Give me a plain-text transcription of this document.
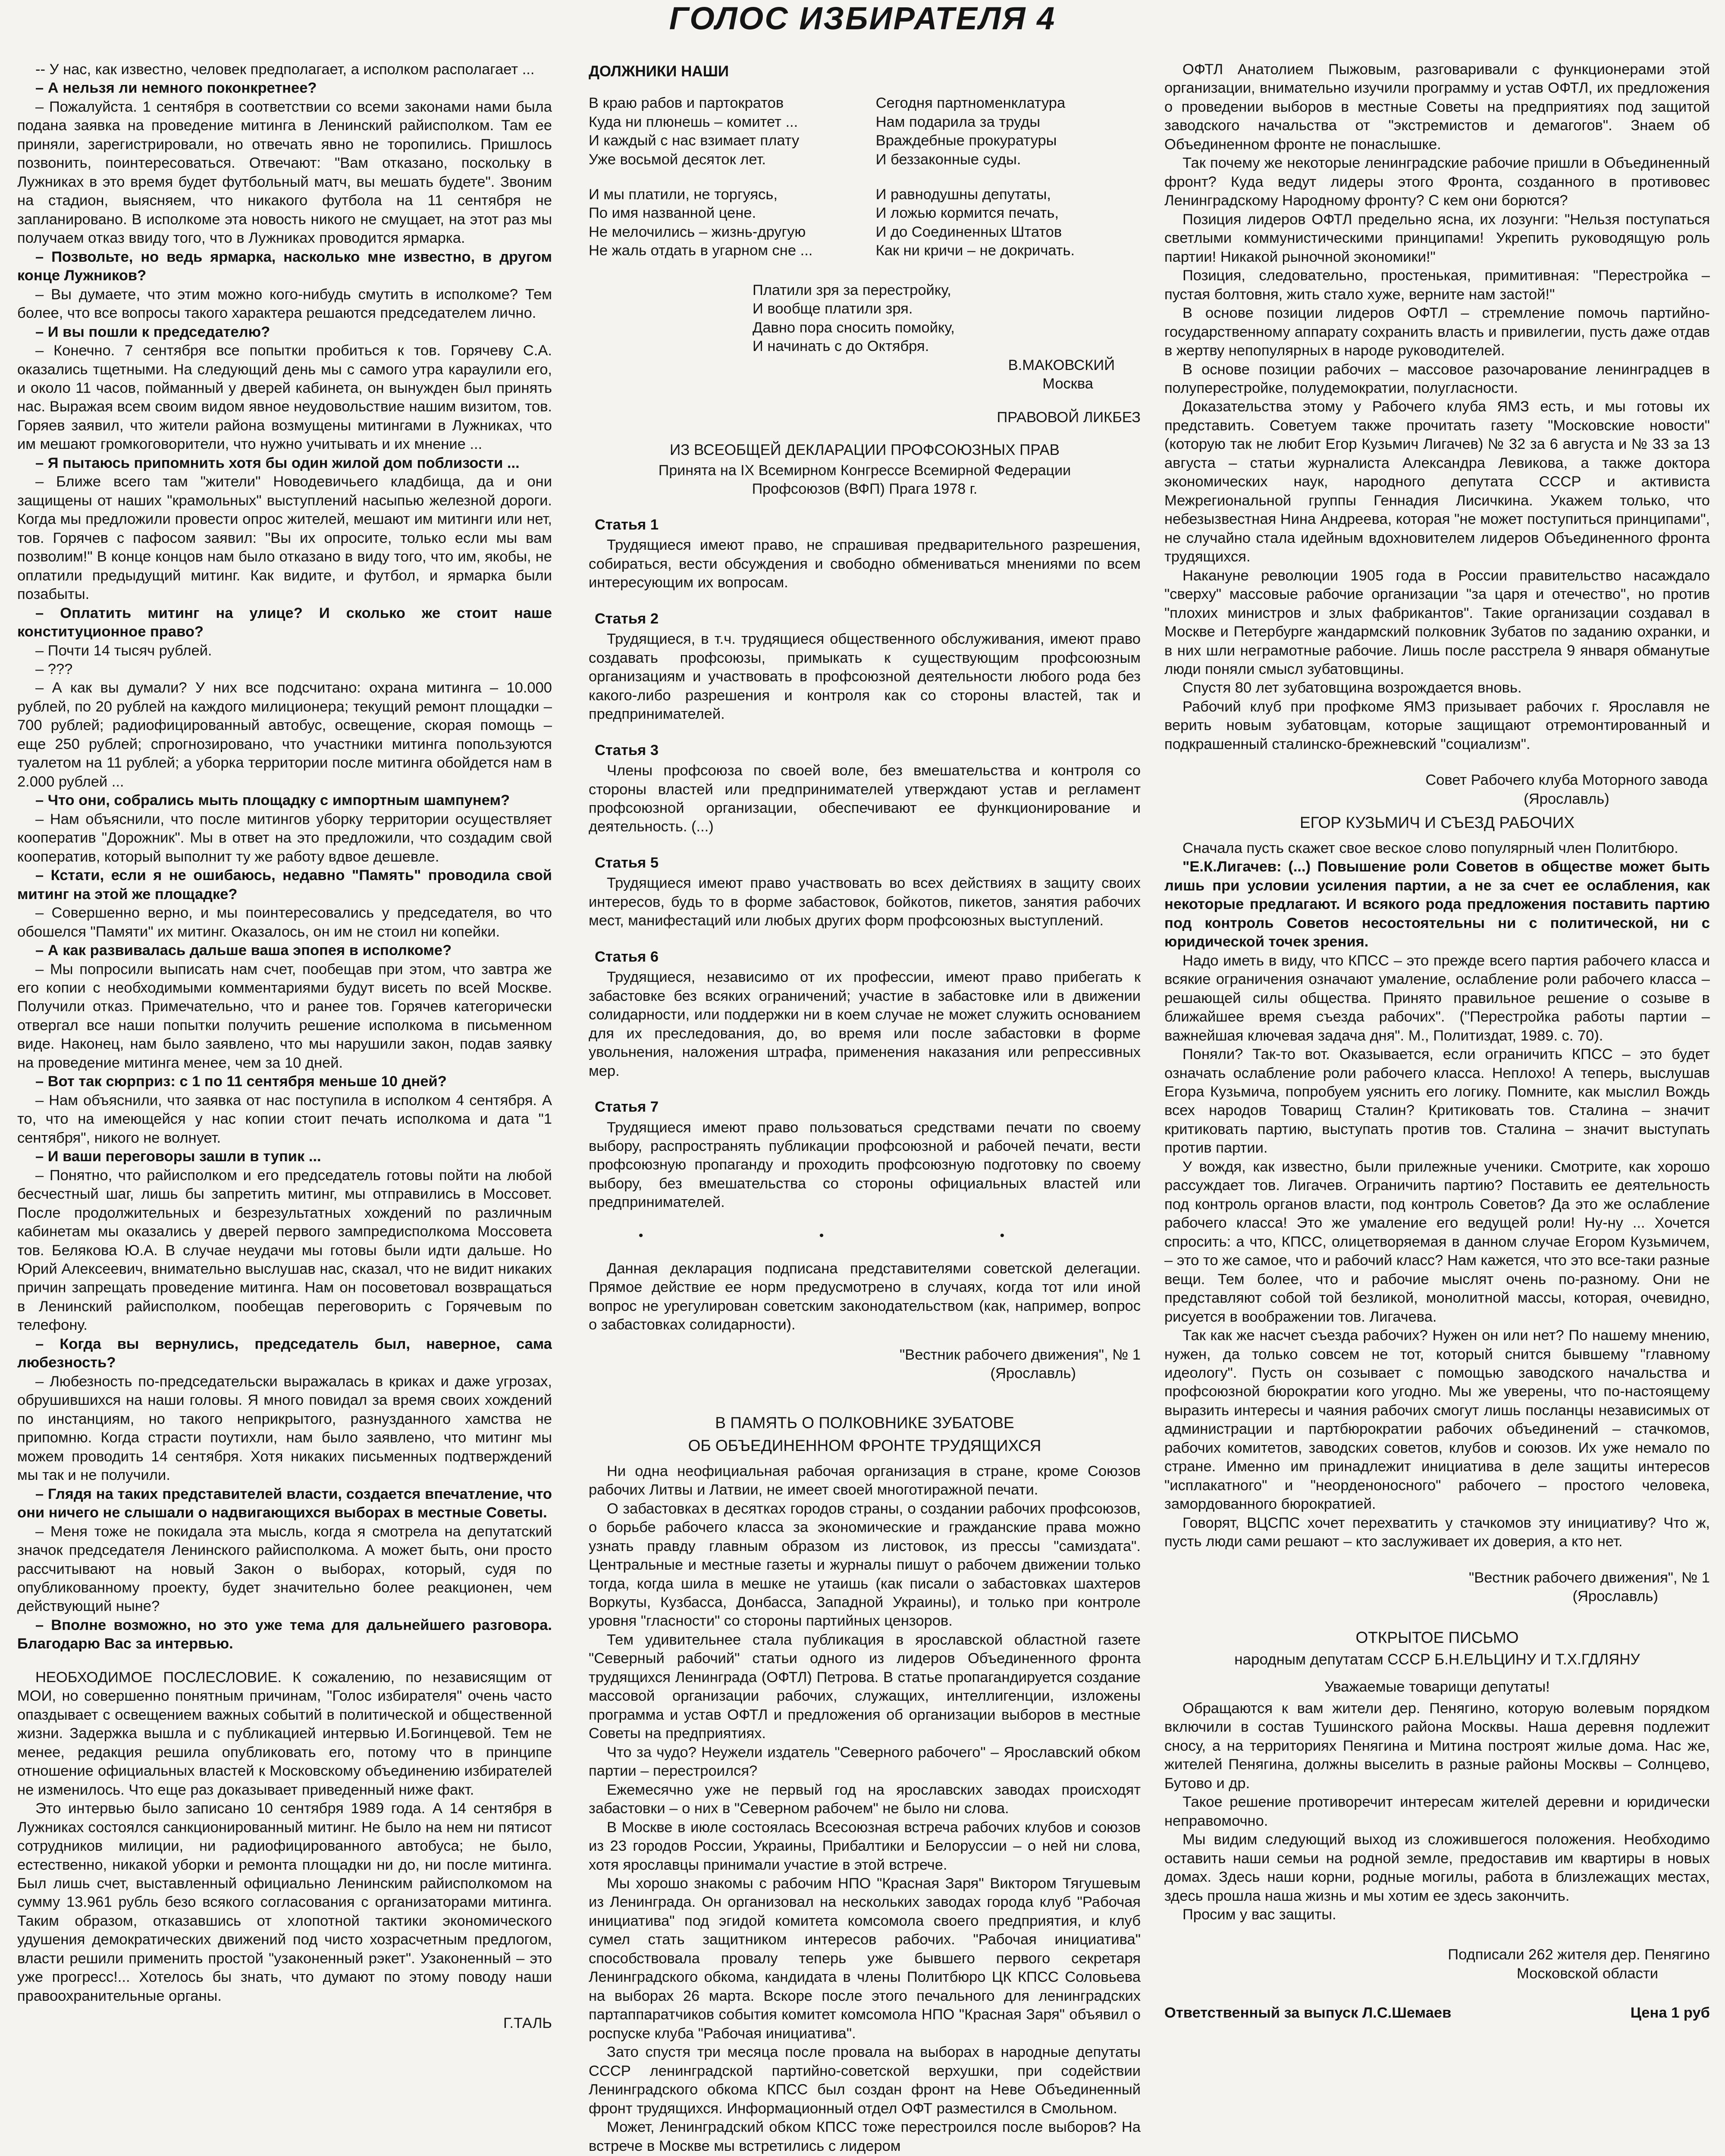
ГОЛОС ИЗБИРАТЕЛЯ 4

-- У нас, как известно, человек предполагает, а исполком располагает ...

– А нельзя ли немного поконкретнее?

– Пожалуйста. 1 сентября в соответствии со всеми законами нами была подана заявка на проведение митинга в Ленинский райисполком. Там ее приняли, зарегистрировали, но отвечать явно не торопились. Пришлось позвонить, поинтересоваться. Отвечают: "Вам отказано, поскольку в Лужниках в это время будет футбольный матч, вы мешать будете". Звоним на стадион, выясняем, что никакого футбола на 11 сентября не запланировано. В исполкоме эта новость никого не смущает, на этот раз мы получаем отказ ввиду того, что в Лужниках проводится ярмарка.

– Позвольте, но ведь ярмарка, насколько мне известно, в другом конце Лужников?

– Вы думаете, что этим можно кого-нибудь смутить в исполкоме? Тем более, что все вопросы такого характера решаются председателем лично.

– И вы пошли к председателю?

– Конечно. 7 сентября все попытки пробиться к тов. Горячеву С.А. оказались тщетными. На следующий день мы с самого утра караулили его, и около 11 часов, пойманный у дверей кабинета, он вынужден был принять нас. Выражая всем своим видом явное неудовольствие нашим визитом, тов. Горяев заявил, что жители района возмущены митингами в Лужниках, что им мешают громкоговорители, что нужно учитывать и их мнение ...

– Я пытаюсь припомнить хотя бы один жилой дом поблизости ...

– Ближе всего там "жители" Новодевичьего кладбища, да и они защищены от наших "крамольных" выступлений насыпью железной дороги. Когда мы предложили провести опрос жителей, мешают им митинги или нет, тов. Горячев с пафосом заявил: "Вы их опросите, только если мы вам позволим!" В конце концов нам было отказано в виду того, что им, якобы, не оплатили предыдущий митинг. Как видите, и футбол, и ярмарка были позабыты.

– Оплатить митинг на улице? И сколько же стоит наше конституционное право?

– Почти 14 тысяч рублей.

– ???

– А как вы думали? У них все подсчитано: охрана митинга – 10.000 рублей, по 20 рублей на каждого милиционера; текущий ремонт площадки – 700 рублей; радиофицированный автобус, освещение, скорая помощь – еще 250 рублей; спрогнозировано, что участники митинга попользуются туалетом на 11 рублей; а уборка территории после митинга обойдется нам в 2.000 рублей ...

– Что они, собрались мыть площадку с импортным шампунем?

– Нам объяснили, что после митингов уборку территории осуществляет кооператив "Дорожник". Мы в ответ на это предложили, что создадим свой кооператив, который выполнит ту же работу вдвое дешевле.

– Кстати, если я не ошибаюсь, недавно "Память" проводила свой митинг на этой же площадке?

– Совершенно верно, и мы поинтересовались у председателя, во что обошелся "Памяти" их митинг. Оказалось, он им не стоил ни копейки.

– А как развивалась дальше ваша эпопея в исполкоме?

– Мы попросили выписать нам счет, пообещав при этом, что завтра же его копии с необходимыми комментариями будут висеть по всей Москве. Получили отказ. Примечательно, что и ранее тов. Горячев категорически отвергал все наши попытки получить решение исполкома в письменном виде. Наконец, нам было заявлено, что мы нарушили закон, подав заявку на проведение митинга менее, чем за 10 дней.

– Вот так сюрприз: с 1 по 11 сентября меньше 10 дней?

– Нам объяснили, что заявка от нас поступила в исполком 4 сентября. А то, что на имеющейся у нас копии стоит печать исполкома и дата "1 сентября", никого не волнует.

– И ваши переговоры зашли в тупик ...

– Понятно, что райисполком и его председатель готовы пойти на любой бесчестный шаг, лишь бы запретить митинг, мы отправились в Моссовет. После продолжительных и безрезультатных хождений по различным кабинетам мы оказались у дверей первого зампредисполкома Моссовета тов. Белякова Ю.А. В случае неудачи мы готовы были идти дальше. Но Юрий Алексеевич, внимательно выслушав нас, сказал, что не видит никаких причин запрещать проведение митинга. Нам он посоветовал возвращаться в Ленинский райисполком, пообещав переговорить с Горячевым по телефону.

– Когда вы вернулись, председатель был, наверное, сама любезность?

– Любезность по-председательски выражалась в криках и даже угрозах, обрушившихся на наши головы. Я много повидал за время своих хождений по инстанциям, но такого неприкрытого, разнузданного хамства не припомню. Когда страсти поутихли, нам было заявлено, что митинг мы можем проводить 14 сентября. Хотя никаких письменных подтверждений мы так и не получили.

– Глядя на таких представителей власти, создается впечатление, что они ничего не слышали о надвигающихся выборах в местные Советы.

– Меня тоже не покидала эта мысль, когда я смотрела на депутатский значок председателя Ленинского райисполкома. А может быть, они просто рассчитывают на новый Закон о выборах, который, судя по опубликованному проекту, будет значительно более реакционен, чем действующий ныне?

– Вполне возможно, но это уже тема для дальнейшего разговора. Благодарю Вас за интервью.

НЕОБХОДИМОЕ ПОСЛЕСЛОВИЕ. К сожалению, по независящим от МОИ, но совершенно понятным причинам, "Голос избирателя" очень часто опаздывает с освещением важных событий в политической и общественной жизни. Задержка вышла и с публикацией интервью И.Богинцевой. Тем не менее, редакция решила опубликовать его, потому что в принципе отношение официальных властей к Московскому объединению избирателей не изменилось. Что еще раз доказывает приведенный ниже факт.

Это интервью было записано 10 сентября 1989 года. А 14 сентября в Лужниках состоялся санкционированный митинг. Не было на нем ни пятисот сотрудников милиции, ни радиофицированного автобуса; не было, естественно, никакой уборки и ремонта площадки ни до, ни после митинга. Был лишь счет, выставленный официально Ленинским райисполкомом на сумму 13.961 рубль безо всякого согласования с организаторами митинга. Таким образом, отказавшись от хлопотной тактики экономического удушения демократических движений под чисто хозрасчетным предлогом, власти решили применить простой "узаконенный рэкет". Узаконенный – это уже прогресс!... Хотелось бы знать, что думают по этому поводу наши правоохранительные органы.

Г.ТАЛЬ

ДОЛЖНИКИ НАШИ

В краю рабов и партократов
Куда ни плюнешь – комитет ...
И каждый с нас взимает плату
Уже восьмой десяток лет.

И мы платили, не торгуясь,
По имя названной цене.
Не мелочились – жизнь-другую
Не жаль отдать в угарном сне ...

Сегодня партноменклатура
Нам подарила за труды
Враждебные прокуратуры
И беззаконные суды.

И равнодушны депутаты,
И ложью кормится печать,
И до Соединенных Штатов
Как ни кричи – не докричать.

Платили зря за перестройку,

И вообще платили зря.

Давно пора сносить помойку,

И начинать с до Октября.

В.МАКОВСКИЙ

Москва

ПРАВОВОЙ ЛИКБЕЗ

ИЗ ВСЕОБЩЕЙ ДЕКЛАРАЦИИ ПРОФСОЮЗНЫХ ПРАВ

Принята на IX Всемирном Конгрессе Всемирной Федерации Профсоюзов (ВФП) Прага 1978 г.

Статья 1

Трудящиеся имеют право, не спрашивая предварительного разрешения, собираться, вести обсуждения и свободно обмениваться мнениями по всем интересующим их вопросам.

Статья 2

Трудящиеся, в т.ч. трудящиеся общественного обслуживания, имеют право создавать профсоюзы, примыкать к существующим профсоюзным организациям и участвовать в профсоюзной деятельности любого рода без какого-либо разрешения и контроля как со стороны властей, так и предпринимателей.

Статья 3

Члены профсоюза по своей воле, без вмешательства и контроля со стороны властей или предпринимателей утверждают устав и регламент профсоюзной организации, обеспечивают ее функционирование и деятельность. (...)

Статья 5

Трудящиеся имеют право участвовать во всех действиях в защиту своих интересов, будь то в форме забастовок, бойкотов, пикетов, занятия рабочих мест, манифестаций или любых других форм профсоюзных выступлений.

Статья 6

Трудящиеся, независимо от их профессии, имеют право прибегать к забастовке без всяких ограничений; участие в забастовке или в движении солидарности, или поддержки ни в коем случае не может служить основанием для их преследования, до, во время или после забастовки в форме увольнения, наложения штрафа, применения наказания или репрессивных мер.

Статья 7

Трудящиеся имеют право пользоваться средствами печати по своему выбору, распространять публикации профсоюзной и рабочей печати, вести профсоюзную пропаганду и проходить профсоюзную подготовку по своему выбору, без вмешательства со стороны официальных властей или предпринимателей.

• • •

Данная декларация подписана представителями советской делегации. Прямое действие ее норм предусмотрено в случаях, когда тот или иной вопрос не урегулирован советским законодательством (как, например, вопрос о забастовках солидарности).

"Вестник рабочего движения", № 1

(Ярославль)

В ПАМЯТЬ О ПОЛКОВНИКЕ ЗУБАТОВЕ

ОБ ОБЪЕДИНЕННОМ ФРОНТЕ ТРУДЯЩИХСЯ

Ни одна неофициальная рабочая организация в стране, кроме Союзов рабочих Литвы и Латвии, не имеет своей многотиражной печати.

О забастовках в десятках городов страны, о создании рабочих профсоюзов, о борьбе рабочего класса за экономические и гражданские права можно узнать правду главным образом из листовок, из прессы "самиздата". Центральные и местные газеты и журналы пишут о рабочем движении только тогда, когда шила в мешке не утаишь (как писали о забастовках шахтеров Воркуты, Кузбасса, Донбасса, Западной Украины), и только при контроле уровня "гласности" со стороны партийных цензоров.

Тем удивительнее стала публикация в ярославской областной газете "Северный рабочий" статьи одного из лидеров Объединенного фронта трудящихся Ленинграда (ОФТЛ) Петрова. В статье пропагандируется создание массовой организации рабочих, служащих, интеллигенции, изложены программа и устав ОФТЛ и предложения об организации выборов в местные Советы на предприятиях.

Что за чудо? Неужели издатель "Северного рабочего" – Ярославский обком партии – перестроился?

Ежемесячно уже не первый год на ярославских заводах происходят забастовки – о них в "Северном рабочем" не было ни слова.

В Москве в июле состоялась Всесоюзная встреча рабочих клубов и союзов из 23 городов России, Украины, Прибалтики и Белоруссии – о ней ни слова, хотя ярославцы принимали участие в этой встрече.

Мы хорошо знакомы с рабочим НПО "Красная Заря" Виктором Тягушевым из Ленинграда. Он организовал на нескольких заводах города клуб "Рабочая инициатива" под эгидой комитета комсомола своего предприятия, и клуб сумел стать защитником интересов рабочих. "Рабочая инициатива" способствовала провалу теперь уже бывшего первого секретаря Ленинградского обкома, кандидата в члены Политбюро ЦК КПСС Соловьева на выборах 26 марта. Вскоре после этого печального для ленинградских партаппаратчиков события комитет комсомола НПО "Красная Заря" объявил о роспуске клуба "Рабочая инициатива".

Зато спустя три месяца после провала на выборах в народные депутаты СССР ленинградской партийно-советской верхушки, при содействии Ленинградского обкома КПСС был создан фронт на Неве Объединенный фронт трудящихся. Информационный отдел ОФТ разместился в Смольном.

Может, Ленинградский обком КПСС тоже перестроился после выборов? На встрече в Москве мы встретились с лидером

ОФТЛ Анатолием Пыжовым, разговаривали с функционерами этой организации, внимательно изучили программу и устав ОФТЛ, их предложения о проведении выборов в местные Советы на предприятиях под защитой заводского начальства от "экстремистов и демагогов". Знаем об Объединенном фронте не понаслышке.

Так почему же некоторые ленинградские рабочие пришли в Объединенный фронт? Куда ведут лидеры этого Фронта, созданного в противовес Ленинградскому Народному фронту? С кем они борются?

Позиция лидеров ОФТЛ предельно ясна, их лозунги: "Нельзя поступаться светлыми коммунистическими принципами! Укрепить руководящую роль партии! Никакой рыночной экономики!"

Позиция, следовательно, простенькая, примитивная: "Перестройка – пустая болтовня, жить стало хуже, верните нам застой!"

В основе позиции лидеров ОФТЛ – стремление помочь партийно-государственному аппарату сохранить власть и привилегии, пусть даже отдав в жертву непопулярных в народе руководителей.

В основе позиции рабочих – массовое разочарование ленинградцев в полуперестройке, полудемократии, полугласности.

Доказательства этому у Рабочего клуба ЯМЗ есть, и мы готовы их представить. Советуем также прочитать газету "Московские новости" (которую так не любит Егор Кузьмич Лигачев) № 32 за 6 августа и № 33 за 13 августа – статьи журналиста Александра Левикова, а также доктора экономических наук, народного депутата СССР и активиста Межрегиональной группы Геннадия Лисичкина. Укажем только, что небезызвестная Нина Андреева, которая "не может поступиться принципами", не случайно стала идейным вдохновителем лидеров Объединенного фронта трудящихся.

Накануне революции 1905 года в России правительство насаждало "сверху" массовые рабочие организации "за царя и отечество", но против "плохих министров и злых фабрикантов". Такие организации создавал в Москве и Петербурге жандармский полковник Зубатов по заданию охранки, и в них шли неграмотные рабочие. Лишь после расстрела 9 января обманутые люди поняли смысл зубатовщины.

Спустя 80 лет зубатовщина возрождается вновь.

Рабочий клуб при профкоме ЯМЗ призывает рабочих г. Ярославля не верить новым зубатовцам, которые защищают отремонтированный и подкрашенный сталинско-брежневский "социализм".

Совет Рабочего клуба Моторного завода (Ярославль)

ЕГОР КУЗЬМИЧ И СЪЕЗД РАБОЧИХ

Сначала пусть скажет свое веское слово популярный член Политбюро.

"Е.К.Лигачев: (...) Повышение роли Советов в обществе может быть лишь при условии усиления партии, а не за счет ее ослабления, как некоторые предлагают. И всякого рода предложения поставить партию под контроль Советов несостоятельны ни с политической, ни с юридической точек зрения.

Надо иметь в виду, что КПСС – это прежде всего партия рабочего класса и всякие ограничения означают умаление, ослабление роли рабочего класса – решающей силы общества. Принято правильное решение о созыве в ближайшее время съезда рабочих". ("Перестройка работы партии – важнейшая ключевая задача дня". М., Политиздат, 1989. с. 70).

Поняли? Так-то вот. Оказывается, если ограничить КПСС – это будет означать ослабление роли рабочего класса. Неплохо! А теперь, выслушав Егора Кузьмича, попробуем уяснить его логику. Помните, как мыслил Вождь всех народов Товарищ Сталин? Критиковать тов. Сталина – значит критиковать партию, выступать против тов. Сталина – значит выступать против партии.

У вождя, как известно, были прилежные ученики. Смотрите, как хорошо рассуждает тов. Лигачев. Ограничить партию? Поставить ее деятельность под контроль органов власти, под контроль Советов? Да это же ослабление рабочего класса! Это же умаление его ведущей роли! Ну-ну ... Хочется спросить: а что, КПСС, олицетворяемая в данном случае Егором Кузьмичем, – это то же самое, что и рабочий класс? Нам кажется, что это все-таки разные вещи. Тем более, что и рабочие мыслят очень по-разному. Они не представляют собой той безликой, монолитной массы, которая, очевидно, рисуется в воображении тов. Лигачева.

Так как же насчет съезда рабочих? Нужен он или нет? По нашему мнению, нужен, да только совсем не тот, который снится бывшему "главному идеологу". Пусть он созывает с помощью заводского начальства и профсоюзной бюрократии кого угодно. Мы же уверены, что по-настоящему выразить интересы и чаяния рабочих смогут лишь посланцы независимых от администрации и партбюрократии рабочих объединений – стачкомов, рабочих комитетов, заводских советов, клубов и союзов. Их уже немало по стране. Именно им принадлежит инициатива в деле защиты интересов "исплакатного" и "неорденоносного" рабочего – простого человека, замордованного бюрократией.

Говорят, ВЦСПС хочет перехватить у стачкомов эту инициативу? Что ж, пусть люди сами решают – кто заслуживает их доверия, а кто нет.

"Вестник рабочего движения", № 1

(Ярославль)

ОТКРЫТОЕ ПИСЬМО

народным депутатам СССР Б.Н.ЕЛЬЦИНУ И Т.Х.ГДЛЯНУ

Уважаемые товарищи депутаты!

Обращаются к вам жители дер. Пенягино, которую волевым порядком включили в состав Тушинского района Москвы. Наша деревня подлежит сносу, а на территориях Пенягина и Митина построят жилые дома. Нас же, жителей Пенягина, должны выселить в разные районы Москвы – Солнцево, Бутово и др.

Такое решение противоречит интересам жителей деревни и юридически неправомочно.

Мы видим следующий выход из сложившегося положения. Необходимо оставить наши семьи на родной земле, предоставив им квартиры в новых домах. Здесь наши корни, родные могилы, работа в близлежащих местах, здесь прошла наша жизнь и мы хотим ее здесь закончить.

Просим у вас защиты.

Подписали 262 жителя дер. Пенягино

Московской области

Ответственный за выпуск Л.С.Шемаев	Цена 1 руб
